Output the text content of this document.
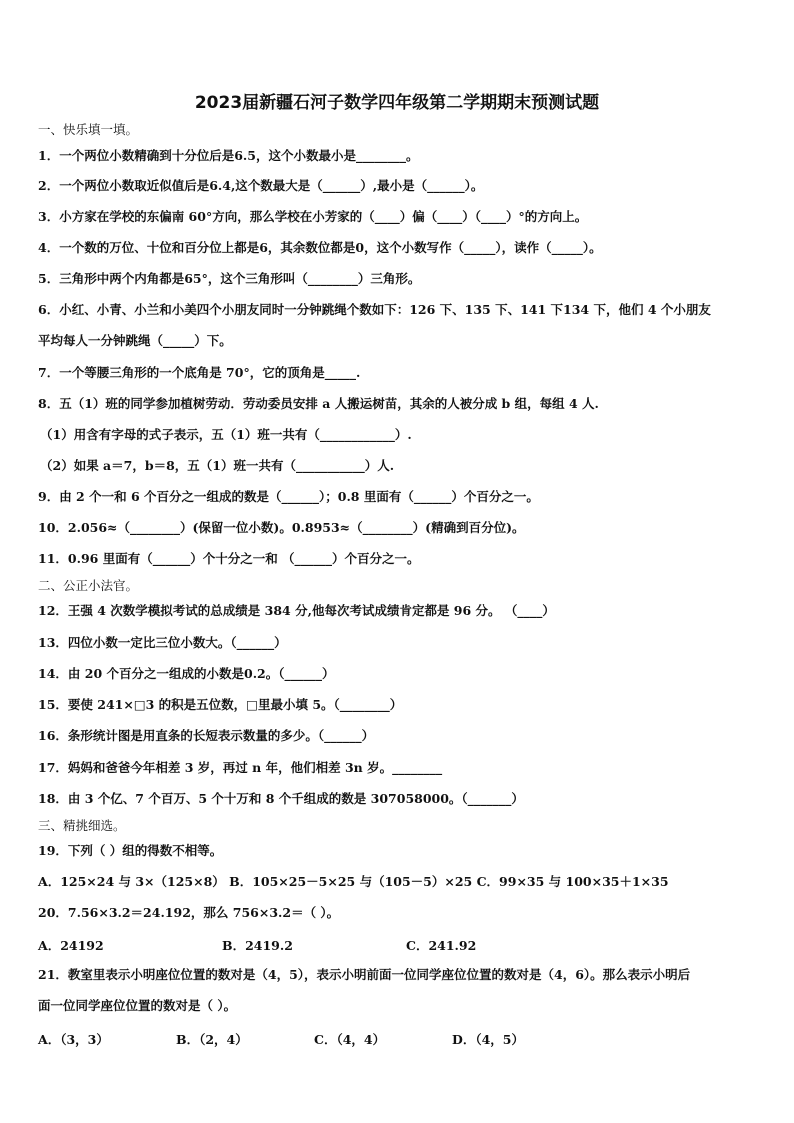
2023届新疆石河子数学四年级第二学期期末预测试题
一、快乐填一填。
1．一个两位小数精确到十分位后是6.5，这个小数最小是________。
2．一个两位小数取近似值后是6.4,这个数最大是（______）,最小是（______）。
3．小方家在学校的东偏南 60°方向，那么学校在小芳家的（____）偏（____）（____）°的方向上。
4．一个数的万位、十位和百分位上都是6，其余数位都是0，这个小数写作（_____），读作（_____）。
5．三角形中两个内角都是65°，这个三角形叫（________）三角形。
6．小红、小青、小兰和小美四个小朋友同时一分钟跳绳个数如下：126 下、135 下、141 下134 下，他们 4 个小朋友
平均每人一分钟跳绳（_____）下。
7．一个等腰三角形的一个底角是 70°，它的顶角是_____.
8．五（1）班的同学参加植树劳动．劳动委员安排 a 人搬运树苗，其余的人被分成 b 组，每组 4 人.
（1）用含有字母的式子表示，五（1）班一共有（____________）.
（2）如果 a＝7，b＝8，五（1）班一共有（___________）人.
9．由 2 个一和 6 个百分之一组成的数是（______）；0.8 里面有（______）个百分之一。
10．2.056≈（________）(保留一位小数)。0.8953≈（________）(精确到百分位)。
11．0.96 里面有（______）个十分之一和 （______）个百分之一。
二、公正小法官。
12．王强 4 次数学模拟考试的总成绩是 384 分,他每次考试成绩肯定都是 96 分。 （____）
13．四位小数一定比三位小数大。（______）
14．由 20 个百分之一组成的小数是0.2。（______）
15．要使 241×□3 的积是五位数，□里最小填 5。（________）
16．条形统计图是用直条的长短表示数量的多少。（______）
17．妈妈和爸爸今年相差 3 岁，再过 n 年，他们相差 3n 岁。________
18．由 3 个亿、7 个百万、5 个十万和 8 个千组成的数是 307058000。（_______）
三、精挑细选。
19．下列（ ）组的得数不相等。
A．125×24 与 3×（125×8） B．105×25－5×25 与（105－5）×25 C．99×35 与 100×35＋1×35
20．7.56×3.2＝24.192，那么 756×3.2＝（ ）。
A．24192	B．2419.2	C．241.92
21．教室里表示小明座位位置的数对是（4，5），表示小明前面一位同学座位位置的数对是（4，6）。那么表示小明后
面一位同学座位位置的数对是（ ）。
A．（3，3）	B．（2，4）	C．（4，4）	D．（4，5）
